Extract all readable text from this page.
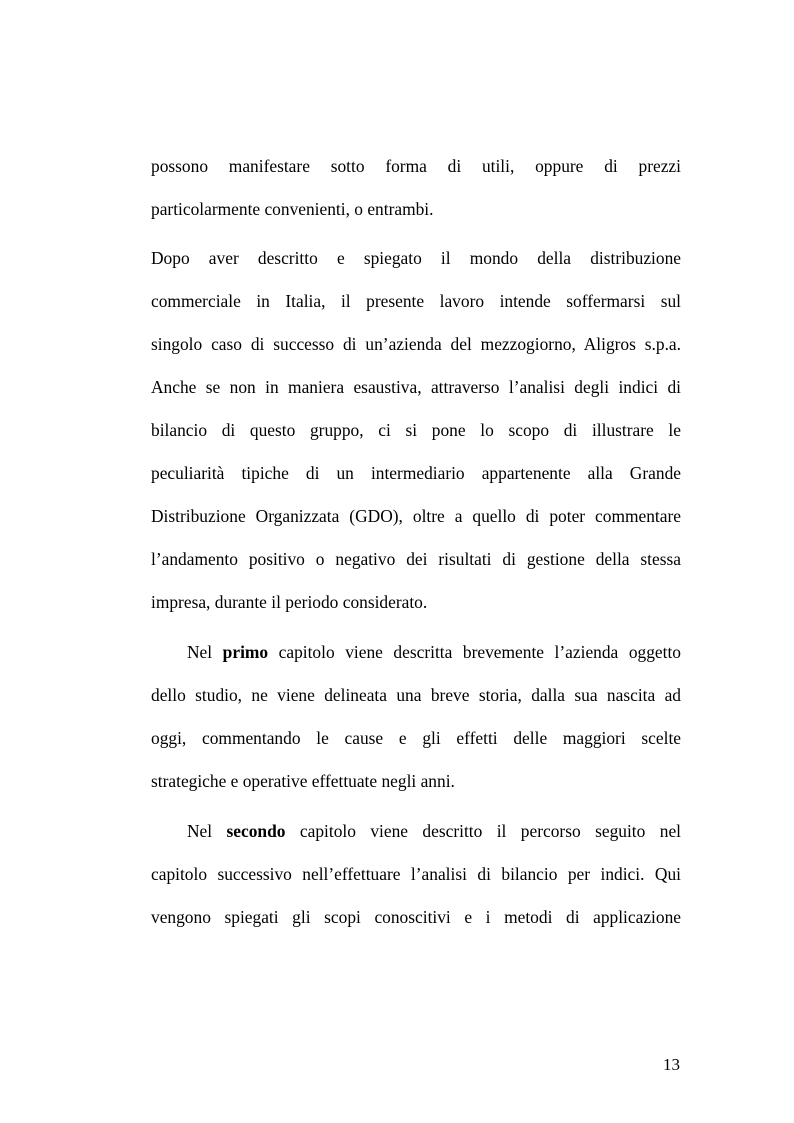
possono manifestare sotto forma di utili, oppure di prezzi
particolarmente convenienti, o entrambi.
Dopo aver descritto e spiegato il mondo della distribuzione
commerciale in Italia, il presente lavoro intende soffermarsi sul
singolo caso di successo di un’azienda del mezzogiorno, Aligros s.p.a.
Anche se non in maniera esaustiva, attraverso l’analisi degli indici di
bilancio di questo gruppo, ci si pone lo scopo di illustrare le
peculiarità tipiche di un intermediario appartenente alla Grande
Distribuzione Organizzata (GDO), oltre a quello di poter commentare
l’andamento positivo o negativo dei risultati di gestione della stessa
impresa, durante il periodo considerato.
Nel primo capitolo viene descritta brevemente l’azienda oggetto
dello studio, ne viene delineata una breve storia, dalla sua nascita ad
oggi, commentando le cause e gli effetti delle maggiori scelte
strategiche e operative effettuate negli anni.
Nel secondo capitolo viene descritto il percorso seguito nel
capitolo successivo nell’effettuare l’analisi di bilancio per indici. Qui
vengono spiegati gli scopi conoscitivi e i metodi di applicazione
13
